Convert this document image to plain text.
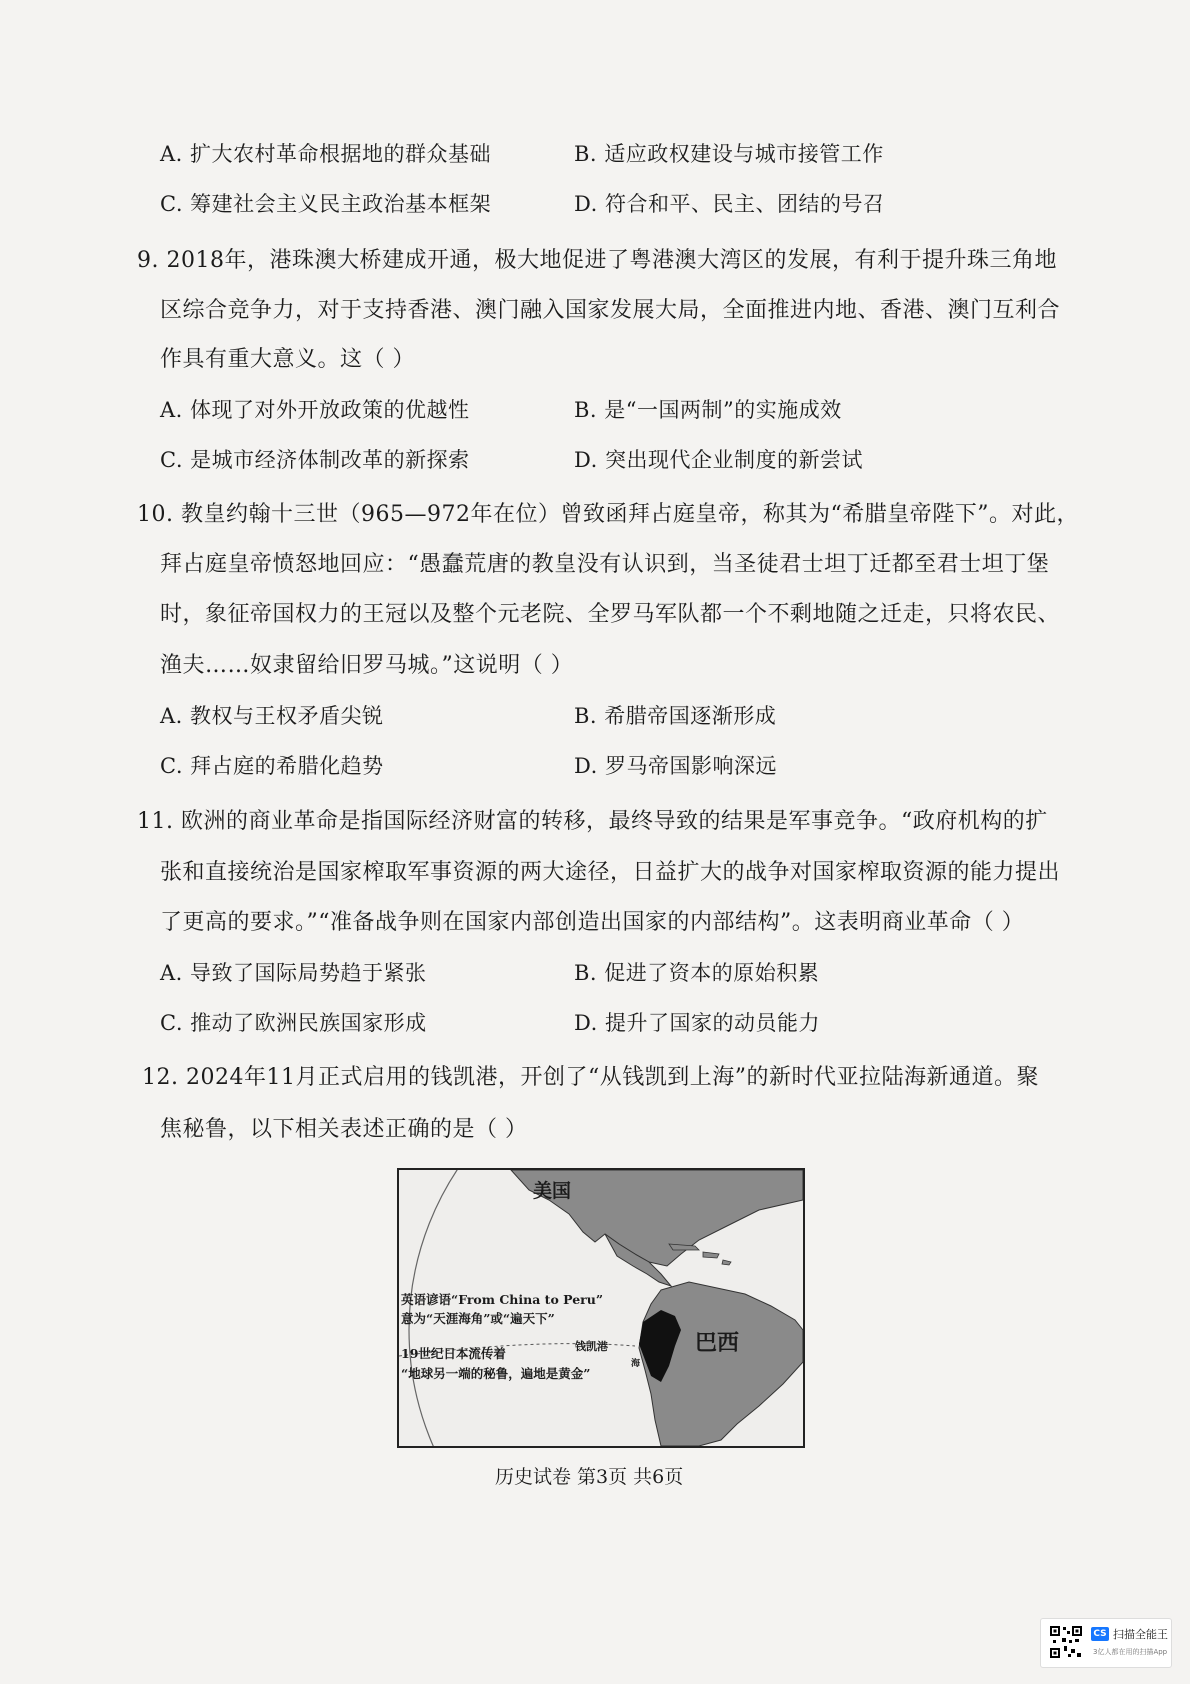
A. 扩大农村革命根据地的群众基础	B. 适应政权建设与城市接管工作
C. 筹建社会主义民主政治基本框架	D. 符合和平、民主、团结的号召
9. 2018年，港珠澳大桥建成开通，极大地促进了粤港澳大湾区的发展，有利于提升珠三角地
区综合竞争力，对于支持香港、澳门融入国家发展大局，全面推进内地、香港、澳门互利合
作具有重大意义。这（ ）
A. 体现了对外开放政策的优越性	B. 是“一国两制”的实施成效
C. 是城市经济体制改革的新探索	D. 突出现代企业制度的新尝试
10. 教皇约翰十三世（965—972年在位）曾致函拜占庭皇帝，称其为“希腊皇帝陛下”。对此，
拜占庭皇帝愤怒地回应：“愚蠢荒唐的教皇没有认识到，当圣徒君士坦丁迁都至君士坦丁堡
时，象征帝国权力的王冠以及整个元老院、全罗马军队都一个不剩地随之迁走，只将农民、
渔夫……奴隶留给旧罗马城。”这说明（ ）
A. 教权与王权矛盾尖锐	B. 希腊帝国逐渐形成
C. 拜占庭的希腊化趋势	D. 罗马帝国影响深远
11. 欧洲的商业革命是指国际经济财富的转移，最终导致的结果是军事竞争。“政府机构的扩
张和直接统治是国家榨取军事资源的两大途径，日益扩大的战争对国家榨取资源的能力提出
了更高的要求。”“准备战争则在国家内部创造出国家的内部结构”。这表明商业革命（ ）
A. 导致了国际局势趋于紧张	B. 促进了资本的原始积累
C. 推动了欧洲民族国家形成	D. 提升了国家的动员能力
12. 2024年11月正式启用的钱凯港，开创了“从钱凯到上海”的新时代亚拉陆海新通道。聚
焦秘鲁，以下相关表述正确的是（ ）
美国
巴西
钱凯港
海
英语谚语“From China to Peru”
意为“天涯海角”或“遍天下”
19世纪日本流传着
“地球另一端的秘鲁，遍地是黄金”
历史试卷 第3页 共6页
CS 扫描全能王
3亿人都在用的扫描App
